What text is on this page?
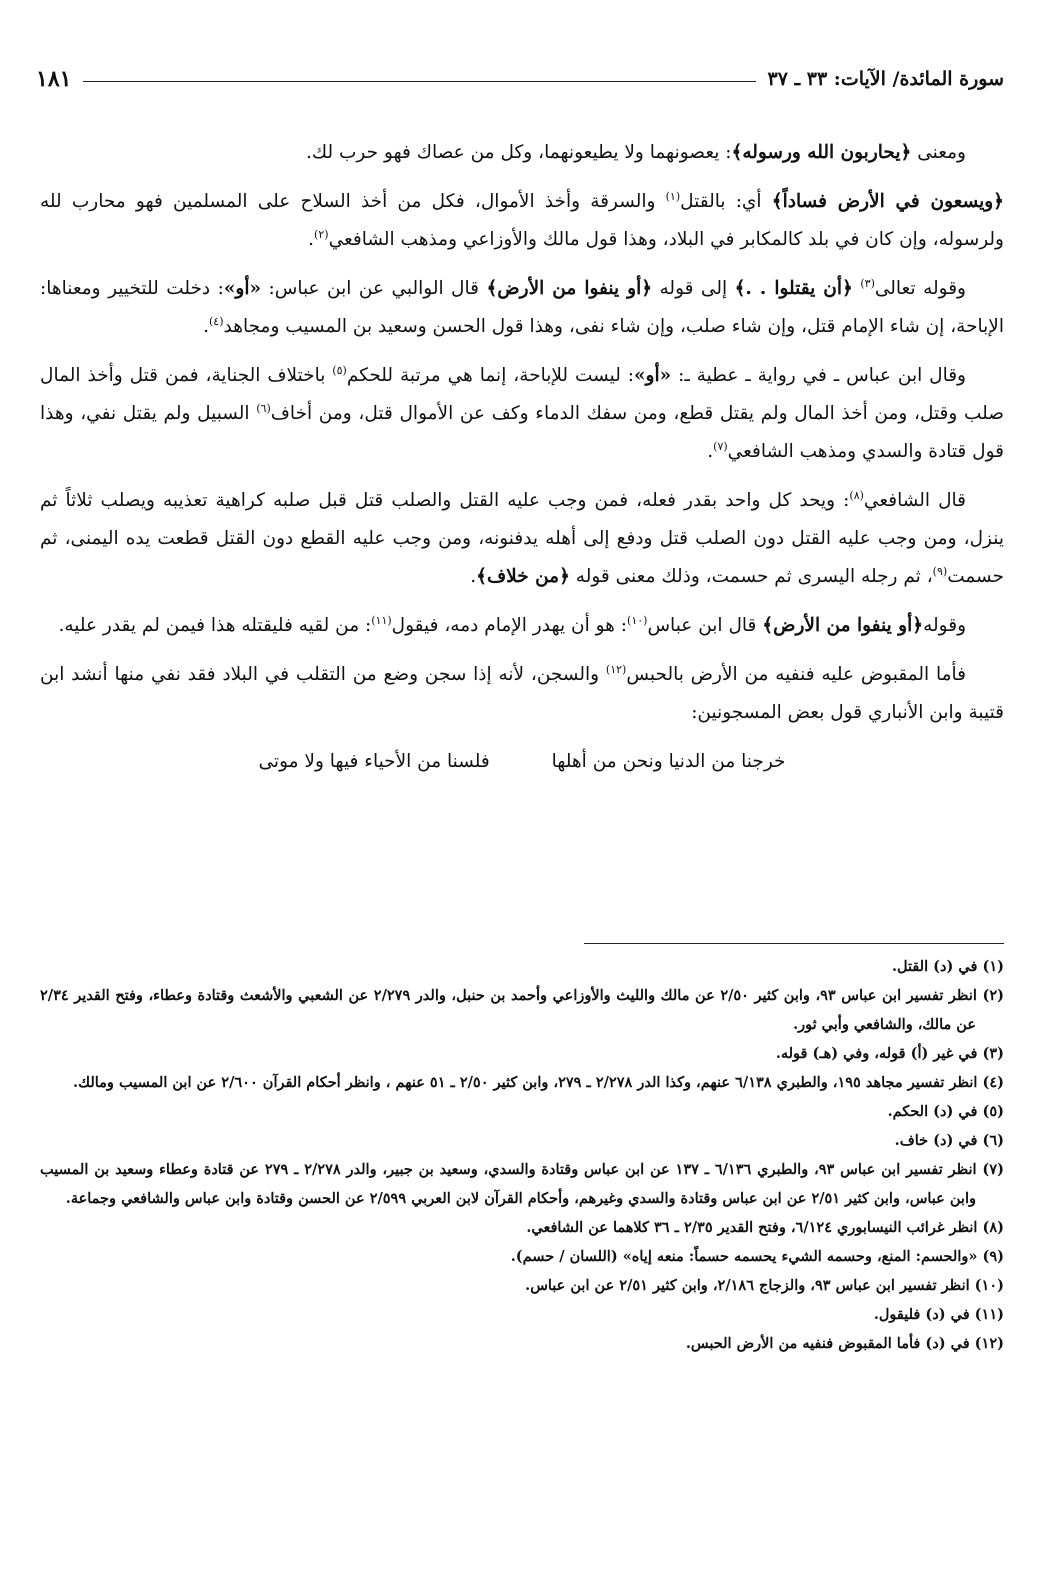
سورة المائدة/ الآيات: ٣٣ ـ ٣٧
١٨١

ومعنى ﴿يحاربون الله ورسوله﴾: يعصونهما ولا يطيعونهما، وكل من عصاك فهو حرب لك.

﴿ويسعون في الأرض فساداً﴾ أي: بالقتل$^{(١)}$ والسرقة وأخذ الأموال، فكل من أخذ السلاح على المسلمين فهو محارب لله ولرسوله، وإن كان في بلد كالمكابر في البلاد، وهذا قول مالك والأوزاعي ومذهب الشافعي$^{(٢)}$.

وقوله تعالى$^{(٣)}$ ﴿أن يقتلوا . .﴾ إلى قوله ﴿أو ينفوا من الأرض﴾ قال الوالبي عن ابن عباس: «أو»: دخلت للتخيير ومعناها: الإباحة، إن شاء الإمام قتل، وإن شاء صلب، وإن شاء نفى، وهذا قول الحسن وسعيد بن المسيب ومجاهد$^{(٤)}$.

وقال ابن عباس ـ في رواية ـ عطية ـ: «أو»: ليست للإباحة، إنما هي مرتبة للحكم$^{(٥)}$ باختلاف الجناية، فمن قتل وأخذ المال صلب وقتل، ومن أخذ المال ولم يقتل قطع، ومن سفك الدماء وكف عن الأموال قتل، ومن أخاف$^{(٦)}$ السبيل ولم يقتل نفي، وهذا قول قتادة والسدي ومذهب الشافعي$^{(٧)}$.

قال الشافعي$^{(٨)}$: ويحد كل واحد بقدر فعله، فمن وجب عليه القتل والصلب قتل قبل صلبه كراهية تعذيبه ويصلب ثلاثاً ثم ينزل، ومن وجب عليه القتل دون الصلب قتل ودفع إلى أهله يدفنونه، ومن وجب عليه القطع دون القتل قطعت يده اليمنى، ثم حسمت$^{(٩)}$، ثم رجله اليسرى ثم حسمت، وذلك معنى قوله ﴿من خلاف﴾.

وقوله﴿أو ينفوا من الأرض﴾ قال ابن عباس$^{(١٠)}$: هو أن يهدر الإمام دمه، فيقول$^{(١١)}$: من لقيه فليقتله هذا فيمن لم يقدر عليه.

فأما المقبوض عليه فنفيه من الأرض بالحبس$^{(١٢)}$ والسجن، لأنه إذا سجن وضع من التقلب في البلاد فقد نفي منها أنشد ابن قتيبة وابن الأنباري قول بعض المسجونين:

خرجنا من الدنيا ونحن من أهلها فلسنا من الأحياء فيها ولا موتى

(١) في (د) القتل.

(٢) انظر تفسير ابن عباس ٩٣، وابن كثير ٢/٥٠ عن مالك والليث والأوزاعي وأحمد بن حنبل، والدر ٢/٢٧٩ عن الشعبي والأشعث وقتادة وعطاء، وفتح القدير ٢/٣٤ عن مالك، والشافعي وأبي ثور.

(٣) في غير (أ) قوله، وفي (هـ) قوله.

(٤) انظر تفسير مجاهد ١٩٥، والطبري ٦/١٣٨ عنهم، وكذا الدر ٢/٢٧٨ ـ ٢٧٩، وابن كثير ٢/٥٠ ـ ٥١ عنهم ، وانظر أحكام القرآن ٢/٦٠٠ عن ابن المسيب ومالك.

(٥) في (د) الحكم.

(٦) في (د) خاف.

(٧) انظر تفسير ابن عباس ٩٣، والطبري ٦/١٣٦ ـ ١٣٧ عن ابن عباس وقتادة والسدي، وسعيد بن جبير، والدر ٢/٢٧٨ ـ ٢٧٩ عن قتادة وعطاء وسعيد بن المسيب وابن عباس، وابن كثير ٢/٥١ عن ابن عباس وقتادة والسدي وغيرهم، وأحكام القرآن لابن العربي ٢/٥٩٩ عن الحسن وقتادة وابن عباس والشافعي وجماعة.

(٨) انظر غرائب النيسابوري ٦/١٢٤، وفتح القدير ٢/٣٥ ـ ٣٦ كلاهما عن الشافعي.

(٩) «والحسم: المنع، وحسمه الشيء يحسمه حسماً: منعه إياه» (اللسان / حسم).

(١٠) انظر تفسير ابن عباس ٩٣، والزجاج ٢/١٨٦، وابن كثير ٢/٥١ عن ابن عباس.

(١١) في (د) فليقول.

(١٢) في (د) فأما المقبوض فنفيه من الأرض الحبس.
